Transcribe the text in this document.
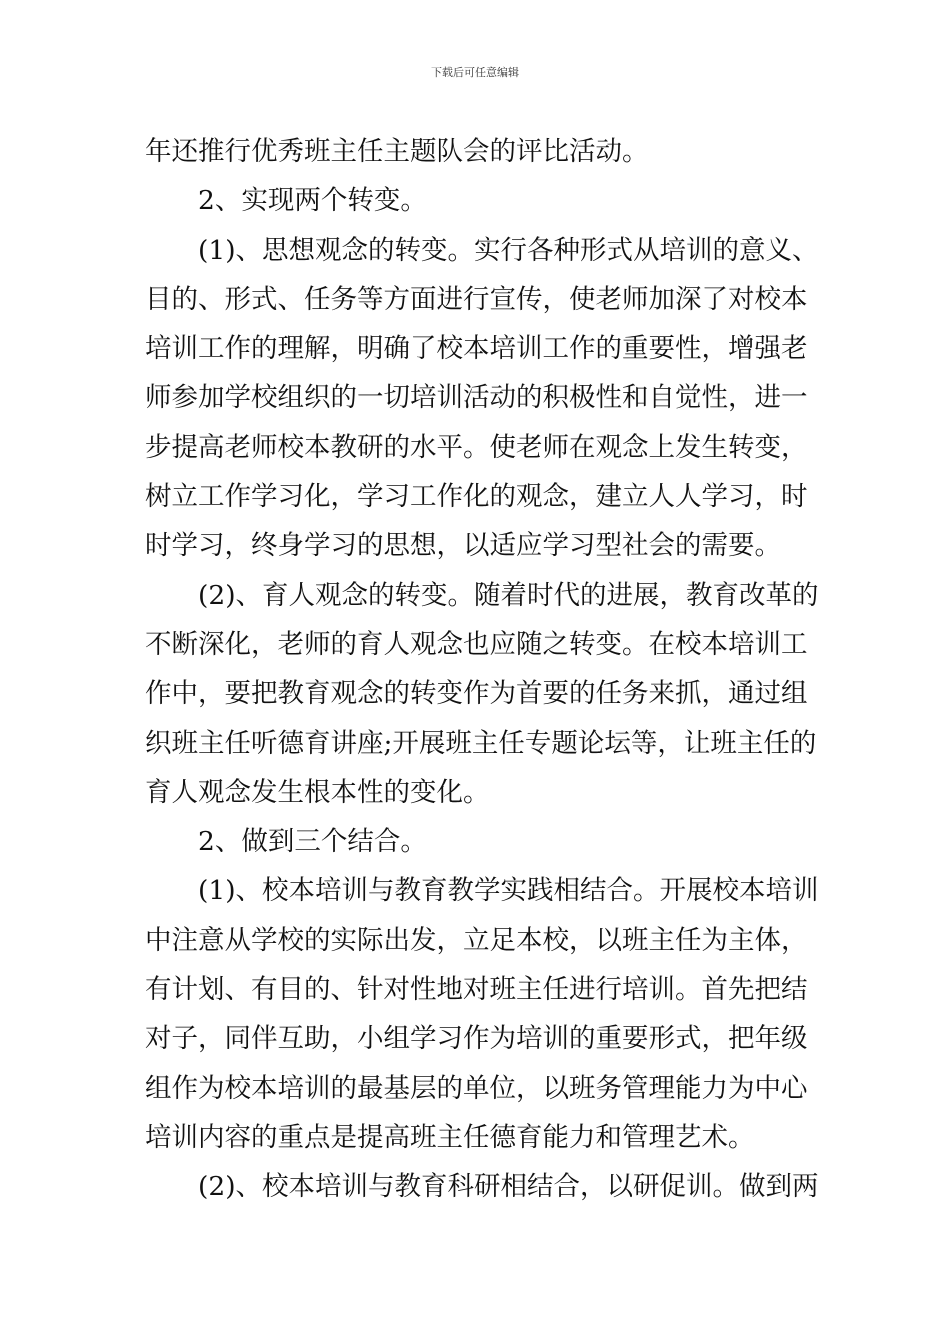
下载后可任意编辑
年还推行优秀班主任主题队会的评比活动。
2、实现两个转变。
(1)、思想观念的转变。实行各种形式从培训的意义、
目的、形式、任务等方面进行宣传，使老师加深了对校本
培训工作的理解，明确了校本培训工作的重要性，增强老
师参加学校组织的一切培训活动的积极性和自觉性，进一
步提高老师校本教研的水平。使老师在观念上发生转变，
树立工作学习化，学习工作化的观念，建立人人学习，时
时学习，终身学习的思想，以适应学习型社会的需要。
(2)、育人观念的转变。随着时代的进展，教育改革的
不断深化，老师的育人观念也应随之转变。在校本培训工
作中，要把教育观念的转变作为首要的任务来抓，通过组
织班主任听德育讲座;开展班主任专题论坛等，让班主任的
育人观念发生根本性的变化。
2、做到三个结合。
(1)、校本培训与教育教学实践相结合。开展校本培训
中注意从学校的实际出发，立足本校，以班主任为主体，
有计划、有目的、针对性地对班主任进行培训。首先把结
对子，同伴互助，小组学习作为培训的重要形式，把年级
组作为校本培训的最基层的单位，以班务管理能力为中心
培训内容的重点是提高班主任德育能力和管理艺术。
(2)、校本培训与教育科研相结合，以研促训。做到两
